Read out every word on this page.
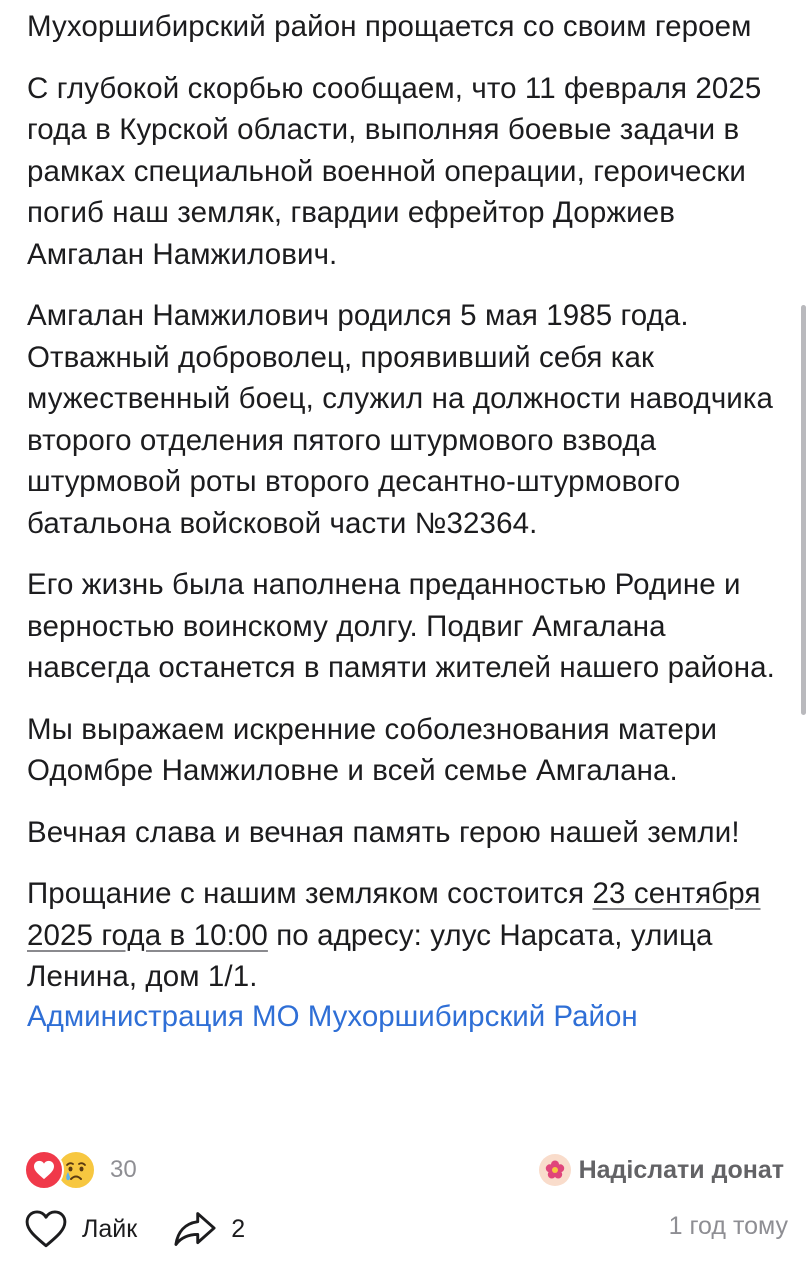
Мухоршибирский район прощается со своим героем

С глубокой скорбью сообщаем, что 11 февраля 2025 года в Курской области, выполняя боевые задачи в рамках специальной военной операции, героически погиб наш земляк, гвардии ефрейтор Доржиев Амгалан Намжилович.

Амгалан Намжилович родился 5 мая 1985 года. Отважный доброволец, проявивший себя как мужественный боец, служил на должности наводчика второго отделения пятого штурмового взвода штурмовой роты второго десантно-штурмового батальона войсковой части №32364.

Его жизнь была наполнена преданностью Родине и верностью воинскому долгу. Подвиг Амгалана навсегда останется в памяти жителей нашего района.

Мы выражаем искренние соболезнования матери Одомбре Намжиловне и всей семье Амгалана.

Вечная слава и вечная память герою нашей земли!

Прощание с нашим земляком состоится 23 сентября 2025 года в 10:00 по адресу: улус Нарсата, улица Ленина, дом 1/1.

Администрация МО Мухоршибирский Район
30	Надіслати донат
Лайк	2	1 год тому
